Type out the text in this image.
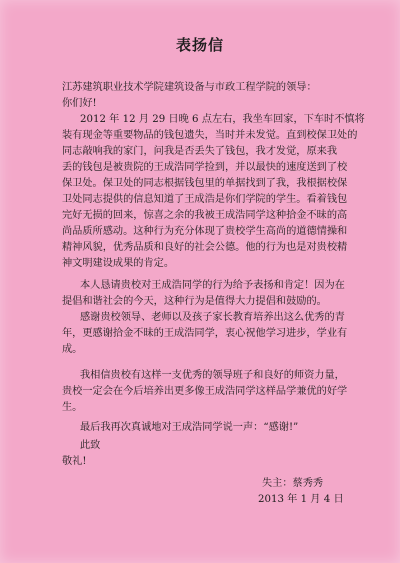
表扬信
江苏建筑职业技术学院建筑设备与市政工程学院的领导：
你们好!
2012 年 12 月 29 日晚 6 点左右，我坐车回家，下车时不慎将
装有现金等重要物品的钱包遗失，当时并未发觉。直到校保卫处的
同志敲响我的家门，问我是否丢失了钱包，我才发觉，原来我
丢的钱包是被贵院的王成浩同学捡到，并以最快的速度送到了校
保卫处。保卫处的同志根据钱包里的单据找到了我，我根据校保
卫处同志提供的信息知道了王成浩是你们学院的学生。看着钱包
完好无损的回来，惊喜之余的我被王成浩同学这种拾金不昧的高
尚品质所感动。这种行为充分体现了贵校学生高尚的道德情操和
精神风貌，优秀品质和良好的社会公德。他的行为也是对贵校精
神文明建设成果的肯定。
本人恳请贵校对王成浩同学的行为给予表扬和肯定！因为在
提倡和谐社会的今天，这种行为是值得大力提倡和鼓励的。
感谢贵校领导、老师以及孩子家长教育培养出这么优秀的青
年，更感谢拾金不昧的王成浩同学，衷心祝他学习进步，学业有
成。
我相信贵校有这样一支优秀的领导班子和良好的师资力量，
贵校一定会在今后培养出更多像王成浩同学这样品学兼优的好学
生。
最后我再次真诚地对王成浩同学说一声：“感谢!”
此致
敬礼!
失主：蔡秀秀
2013 年 1 月 4 日
